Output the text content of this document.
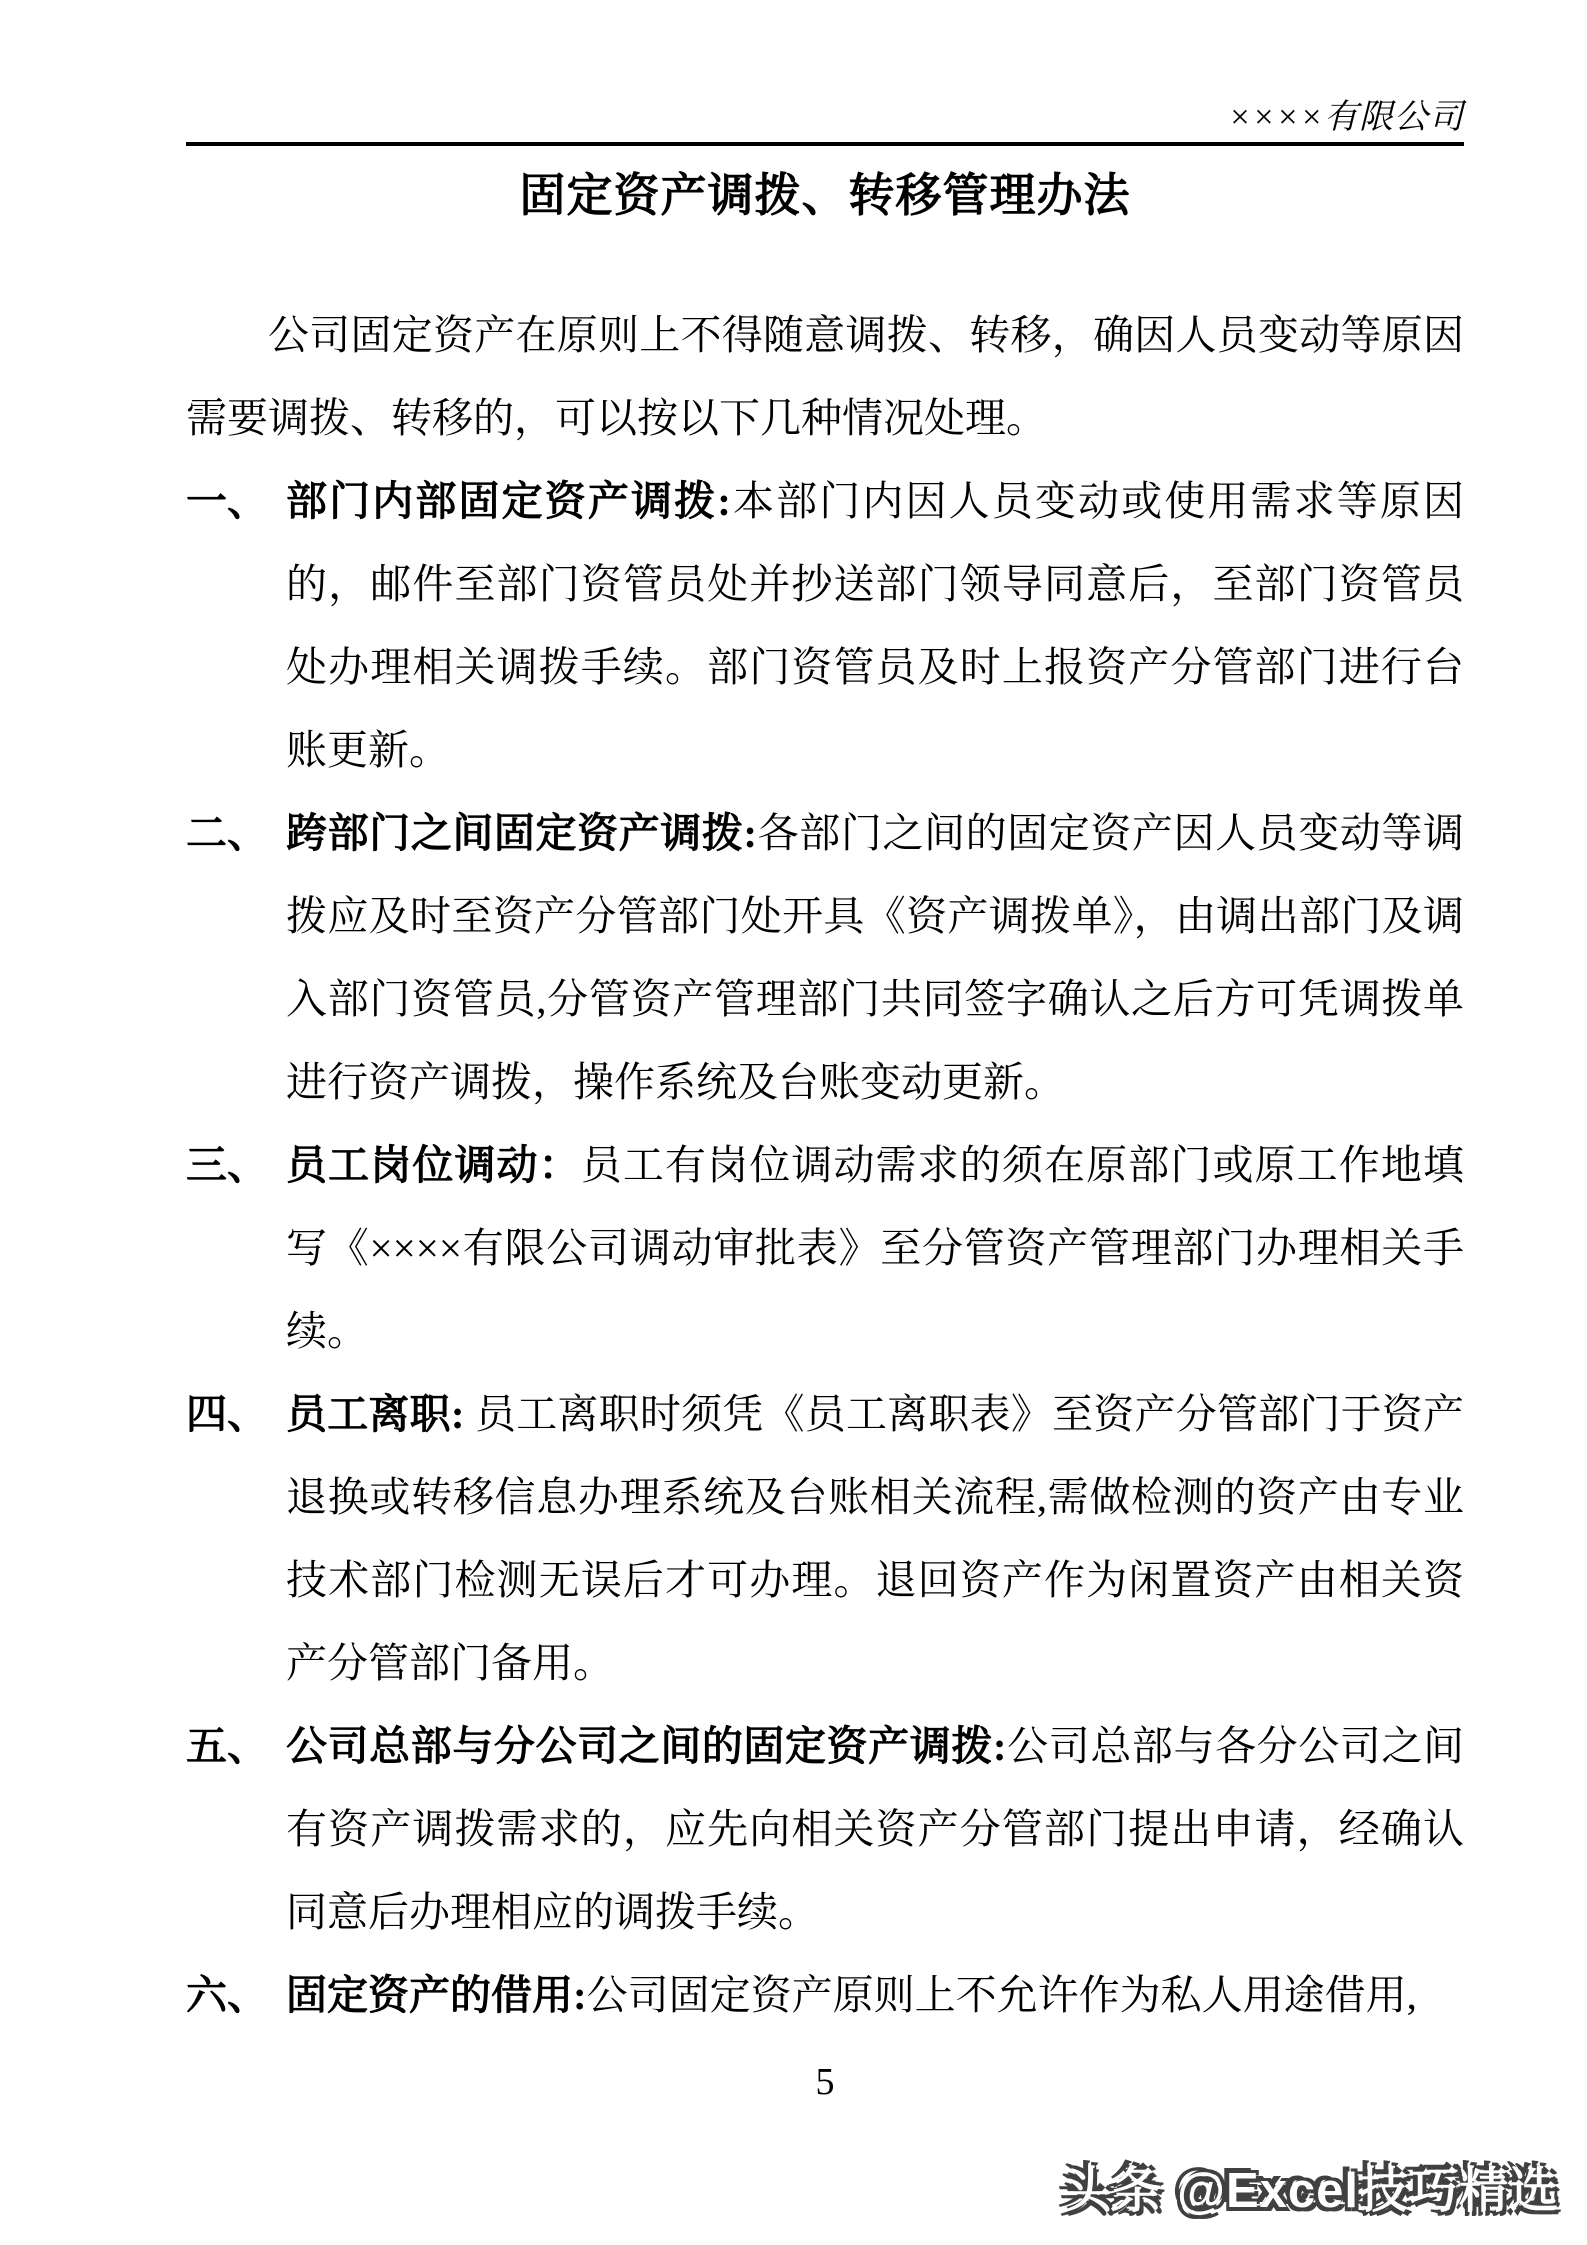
××××有限公司
固定资产调拨、转移管理办法

公司固定资产在原则上不得随意调拨、转移，确因人员变动等原因需要调拨、转移的，可以按以下几种情况处理。

一、 部门内部固定资产调拨:本部门内因人员变动或使用需求等原因的，邮件至部门资管员处并抄送部门领导同意后，至部门资管员处办理相关调拨手续。部门资管员及时上报资产分管部门进行台账更新。
二、 跨部门之间固定资产调拨:各部门之间的固定资产因人员变动等调拨应及时至资产分管部门处开具《资产调拨单》，由调出部门及调入部门资管员,分管资产管理部门共同签字确认之后方可凭调拨单进行资产调拨，操作系统及台账变动更新。
三、 员工岗位调动：员工有岗位调动需求的须在原部门或原工作地填写《××××有限公司调动审批表》至分管资产管理部门办理相关手续。
四、 员工离职: 员工离职时须凭《员工离职表》至资产分管部门于资产退换或转移信息办理系统及台账相关流程,需做检测的资产由专业技术部门检测无误后才可办理。退回资产作为闲置资产由相关资产分管部门备用。
五、 公司总部与分公司之间的固定资产调拨:公司总部与各分公司之间有资产调拨需求的，应先向相关资产分管部门提出申请，经确认同意后办理相应的调拨手续。
六、 固定资产的借用:公司固定资产原则上不允许作为私人用途借用,
5
头条 @Excel技巧精选
